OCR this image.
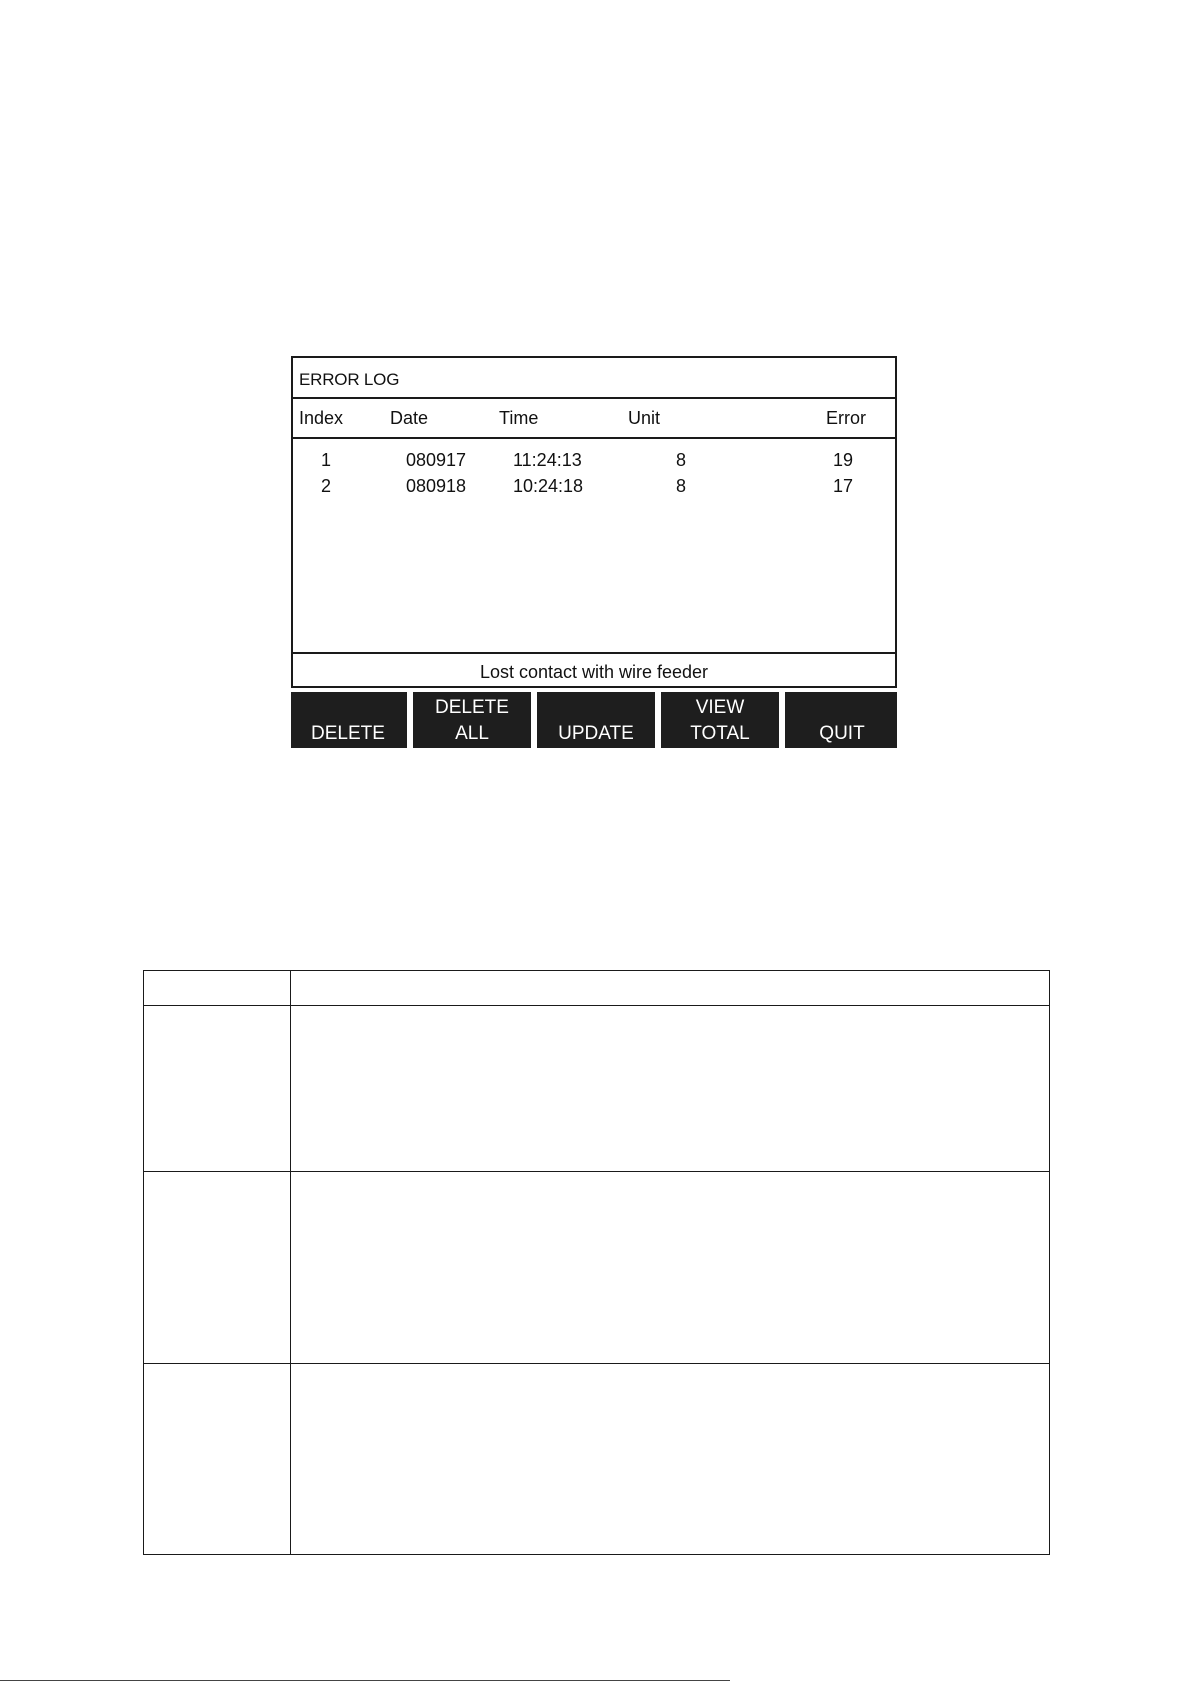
ERROR LOG
Index	Date	Time	Unit	Error
1	080917	11:24:13	8	19
2	080918	10:24:18	8	17
Lost contact with wire feeder
DELETE
DELETE
ALL	UPDATE
VIEW
TOTAL	QUIT
